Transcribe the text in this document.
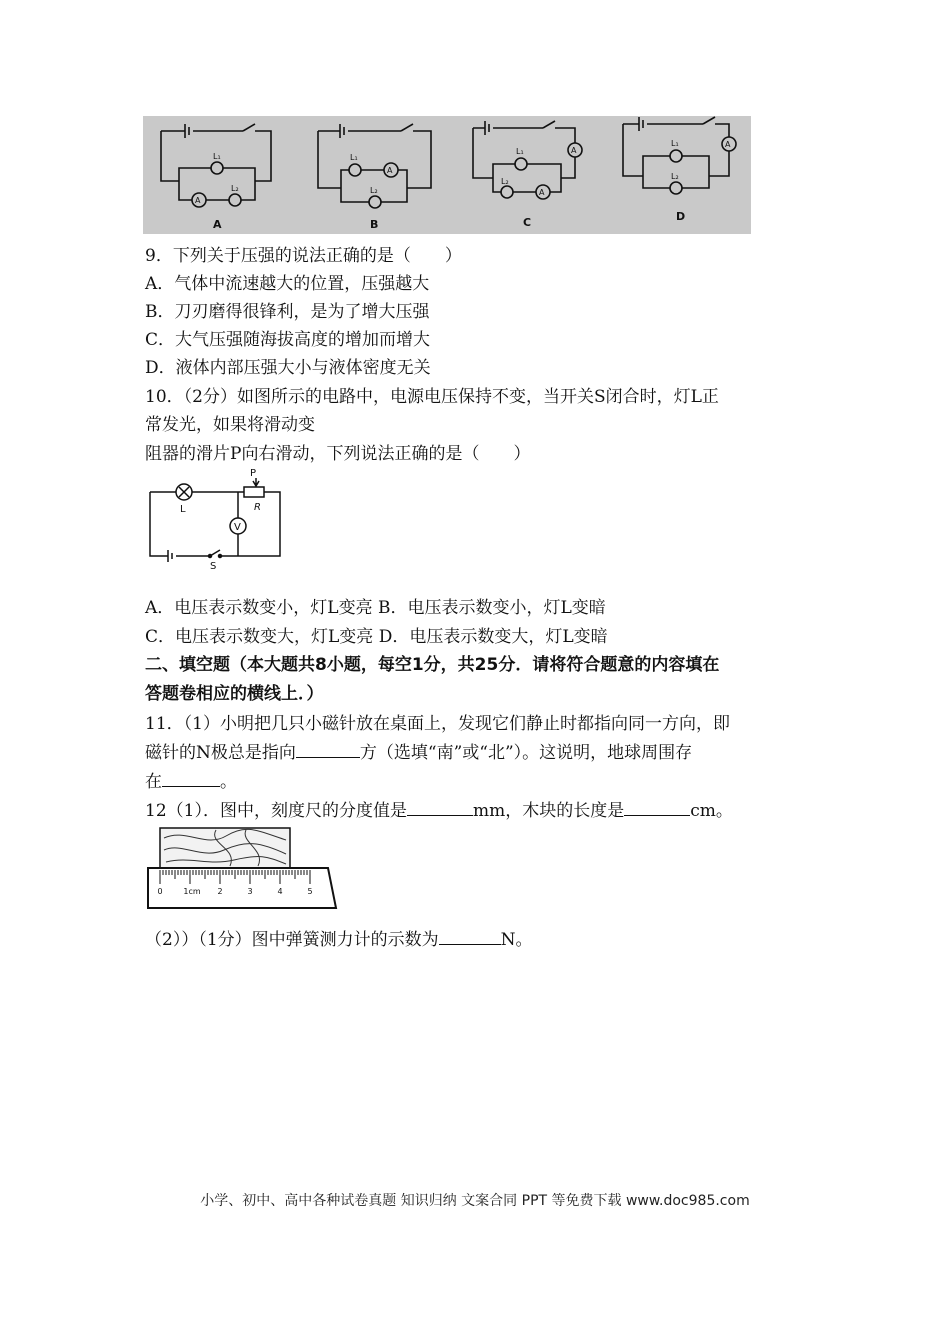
L₁
L₂
A
L₁
A
L₂
L₁	A
L₂
A
L₁	A
L₂
A	B	C	D
9．下列关于压强的说法正确的是（　　）
A．气体中流速越大的位置，压强越大
B．刀刃磨得很锋利，是为了增大压强
C．大气压强随海拔高度的增加而增大
D．液体内部压强大小与液体密度无关
10．（2分）如图所示的电路中，电源电压保持不变，当开关S闭合时，灯L正
常发光，如果将滑动变
阻器的滑片P向右滑动，下列说法正确的是（　　）
L
P
R
V
S
A．电压表示数变小，灯L变亮 B．电压表示数变小，灯L变暗
C．电压表示数变大，灯L变亮 D．电压表示数变大，灯L变暗
二、填空题（本大题共8小题，每空1分，共25分．请将符合题意的内容填在
答题卷相应的横线上．）
11．（1）小明把几只小磁针放在桌面上，发现它们静止时都指向同一方向，即
磁针的N极总是指向	方（选填“南”或“北”）。这说明，地球周围存
在	。
12（1）．图中，刻度尺的分度值是	mm，木块的长度是	cm。
0	1cm 2	3	4	5
（2））（1分）图中弹簧测力计的示数为	N。
小学、初中、高中各种试卷真题 知识归纳 文案合同 PPT 等免费下载 www.doc985.com
